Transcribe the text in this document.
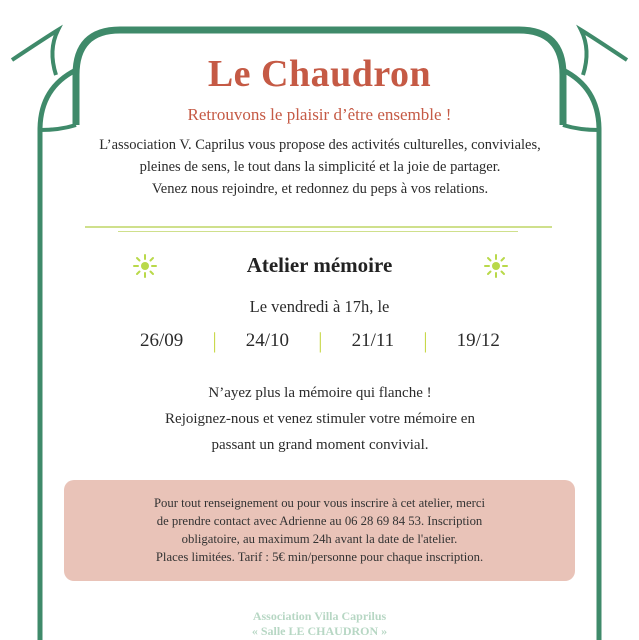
Le Chaudron
Retrouvons le plaisir d’être ensemble !
L’association V. Caprilus vous propose des activités culturelles, conviviales,
pleines de sens, le tout dans la simplicité et la joie de partager.
Venez nous rejoindre, et redonnez du peps à vos relations.
Atelier mémoire
Le vendredi à 17h, le
26/09 | 24/10 | 21/11 | 19/12
N’ayez plus la mémoire qui flanche !
Rejoignez-nous et venez stimuler votre mémoire en
passant un grand moment convivial.
Pour tout renseignement ou pour vous inscrire à cet atelier, merci
de prendre contact avec Adrienne au 06 28 69 84 53. Inscription
obligatoire, au maximum 24h avant la date de l'atelier.
Places limitées. Tarif : 5€ min/personne pour chaque inscription.
Association Villa Caprilus
« Salle LE CHAUDRON »
